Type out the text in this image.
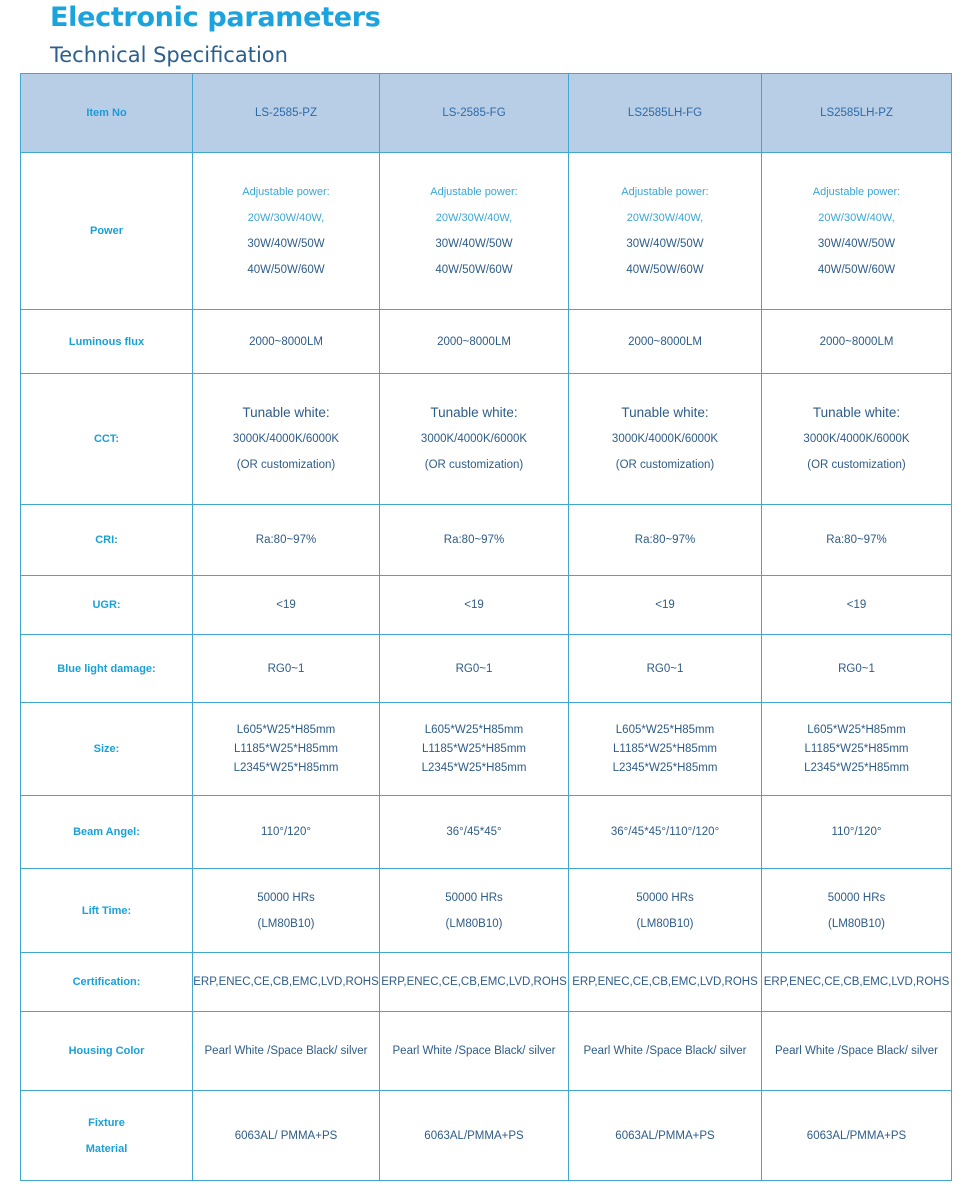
Electronic parameters
Technical Specification
Item No	LS-2585-PZ	LS-2585-FG	LS2585LH-FG	LS2585LH-PZ
Power	Adjustable power:
20W/30W/40W,
30W/40W/50W
40W/50W/60W	Adjustable power:
20W/30W/40W,
30W/40W/50W
40W/50W/60W	Adjustable power:
20W/30W/40W,
30W/40W/50W
40W/50W/60W	Adjustable power:
20W/30W/40W,
30W/40W/50W
40W/50W/60W

Luminous flux	2000~8000LM	2000~8000LM	2000~8000LM	2000~8000LM

CCT:	Tunable white:
3000K/4000K/6000K
(OR customization)	Tunable white:
3000K/4000K/6000K
(OR customization)	Tunable white:
3000K/4000K/6000K
(OR customization)	Tunable white:
3000K/4000K/6000K
(OR customization)

CRI:	Ra:80~97%	Ra:80~97%	Ra:80~97%	Ra:80~97%

UGR:	<19	<19	<19	<19

Blue light damage:	RG0~1	RG0~1	RG0~1	RG0~1

Size:	L605*W25*H85mm
L1185*W25*H85mm
L2345*W25*H85mm	L605*W25*H85mm
L1185*W25*H85mm
L2345*W25*H85mm	L605*W25*H85mm
L1185*W25*H85mm
L2345*W25*H85mm	L605*W25*H85mm
L1185*W25*H85mm
L2345*W25*H85mm

Beam Angel:	110°/120°	36°/45*45°	36°/45*45°/110°/120°	110°/120°
Lift Time:	50000 HRs
(LM80B10)	50000 HRs
(LM80B10)	50000 HRs
(LM80B10)	50000 HRs
(LM80B10)

Certification:	ERP,ENEC,CE,CB,EMC,LVD,ROHS	ERP,ENEC,CE,CB,EMC,LVD,ROHS	ERP,ENEC,CE,CB,EMC,LVD,ROHS	ERP,ENEC,CE,CB,EMC,LVD,ROHS

Housing Color	Pearl White /Space Black/ silver	Pearl White /Space Black/ silver	Pearl White /Space Black/ silver	Pearl White /Space Black/ silver

Fixture
Material	6063AL/ PMMA+PS	6063AL/PMMA+PS	6063AL/PMMA+PS	6063AL/PMMA+PS
